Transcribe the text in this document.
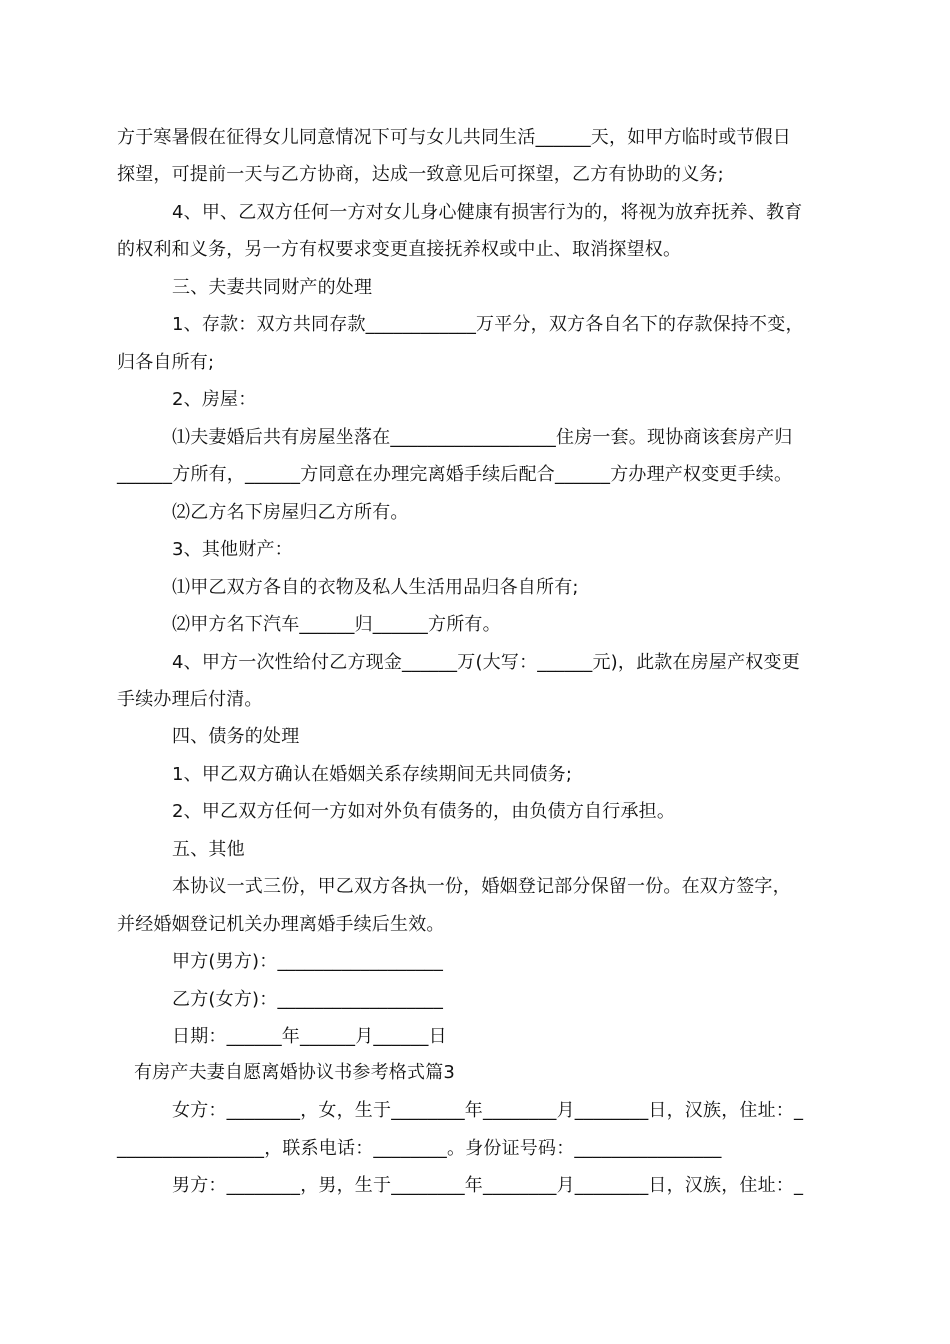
方于寒暑假在征得女儿同意情况下可与女儿共同生活______天，如甲方临时或节假日
探望，可提前一天与乙方协商，达成一致意见后可探望，乙方有协助的义务;
4、甲、乙双方任何一方对女儿身心健康有损害行为的，将视为放弃抚养、教育
的权利和义务，另一方有权要求变更直接抚养权或中止、取消探望权。
三、夫妻共同财产的处理
1、存款：双方共同存款____________万平分，双方各自名下的存款保持不变，
归各自所有;
2、房屋：
⑴夫妻婚后共有房屋坐落在__________________住房一套。现协商该套房产归
______方所有，______方同意在办理完离婚手续后配合______方办理产权变更手续。
⑵乙方名下房屋归乙方所有。
3、其他财产：
⑴甲乙双方各自的衣物及私人生活用品归各自所有;
⑵甲方名下汽车______归______方所有。
4、甲方一次性给付乙方现金______万(大写：______元)，此款在房屋产权变更
手续办理后付清。
四、债务的处理
1、甲乙双方确认在婚姻关系存续期间无共同债务;
2、甲乙双方任何一方如对外负有债务的，由负债方自行承担。
五、其他
本协议一式三份，甲乙双方各执一份，婚姻登记部分保留一份。在双方签字，
并经婚姻登记机关办理离婚手续后生效。
甲方(男方)：__________________
乙方(女方)：__________________
日期：______年______月______日
有房产夫妻自愿离婚协议书参考格式篇3
女方：________，女，生于________年________月________日，汉族，住址：_
________________，联系电话：________。身份证号码：________________
男方：________，男，生于________年________月________日，汉族，住址：_
